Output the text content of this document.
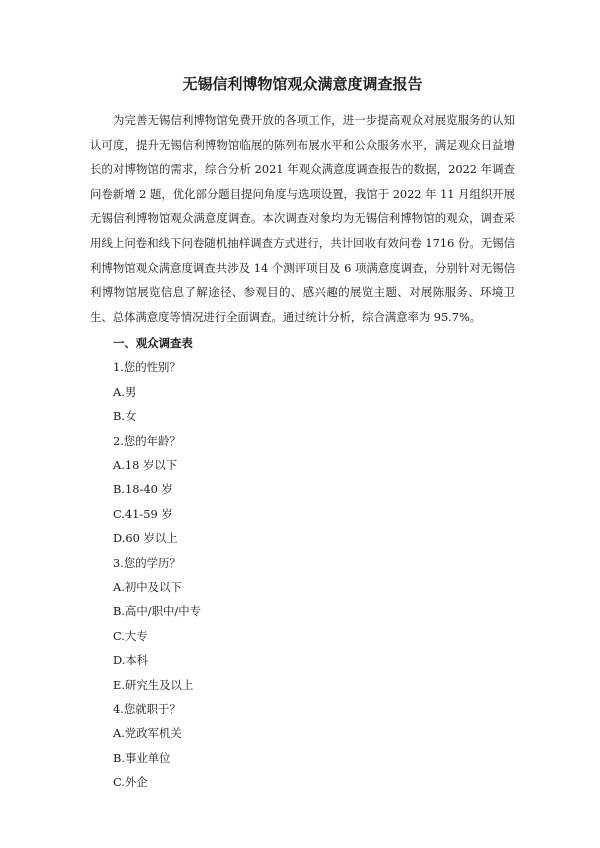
无锡信利博物馆观众满意度调查报告

为完善无锡信利博物馆免费开放的各项工作，进一步提高观众对展览服务的认知认可度，提升无锡信利博物馆临展的陈列布展水平和公众服务水平，满足观众日益增长的对博物馆的需求，综合分析 2021 年观众满意度调查报告的数据，2022 年调查问卷新增 2 题，优化部分题目提问角度与选项设置，我馆于 2022 年 11 月组织开展无锡信利博物馆观众满意度调查。本次调查对象均为无锡信利博物馆的观众，调查采用线上问卷和线下问卷随机抽样调查方式进行，共计回收有效问卷 1716 份。无锡信利博物馆观众满意度调查共涉及 14 个测评项目及 6 项满意度调查，分别针对无锡信利博物馆展览信息了解途径、参观目的、感兴趣的展览主题、对展陈服务、环境卫生、总体满意度等情况进行全面调查。通过统计分析，综合满意率为 95.7%。

一、观众调查表
1.您的性别？
A.男
B.女
2.您的年龄？
A.18 岁以下
B.18-40 岁
C.41-59 岁
D.60 岁以上
3.您的学历？
A.初中及以下
B.高中/职中/中专
C.大专
D.本科
E.研究生及以上
4.您就职于？
A.党政军机关
B.事业单位
C.外企
